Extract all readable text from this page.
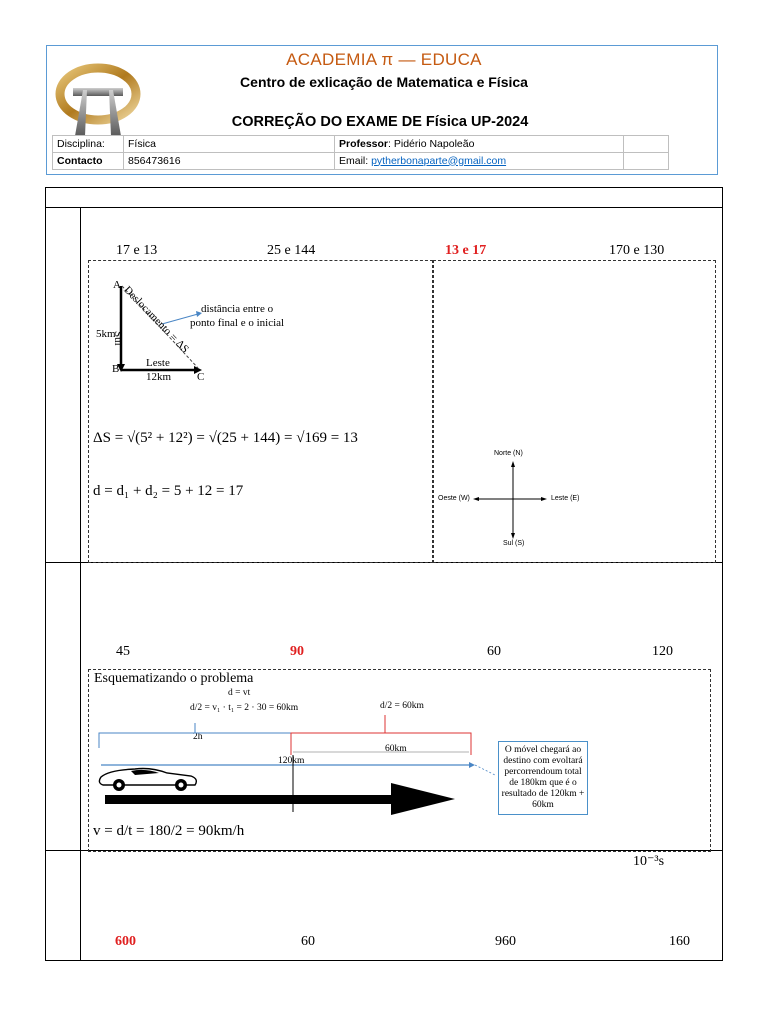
ACADEMIA π — EDUCA
Centro de exlicação de Matematica e Física
CORREÇÃO DO EXAME DE Física UP-2024
Disciplina:	Física	Professor: Pidério Napoleão	
Contacto	856473616	Email: pytherbonaparte@gmail.com	
17 e 13	25 e 144	13 e 17	170 e 130
A
B
C
5km
Sul
Leste
12km
Deslocamento = ΔS distância entre o
ponto final e o inicial
ΔS = √(5² + 12²) = √(25 + 144) = √169 = 13
d = d₁ + d₂ = 5 + 12 = 17
Norte (N)
Oeste (W)	Leste (E)
Sul (S)
45	90	60	120
Esquematizando o problema
d = vt
d/2 = v₁ · t₁ = 2 · 30 = 60km	d/2 = 60km
2h
60km
120km
O móvel chegará ao destino com evoltará percorrendoum total de 180km que é o resultado de 120km + 60km
v = d/t = 180/2 = 90km/h
10⁻³s
600	60	960	160
